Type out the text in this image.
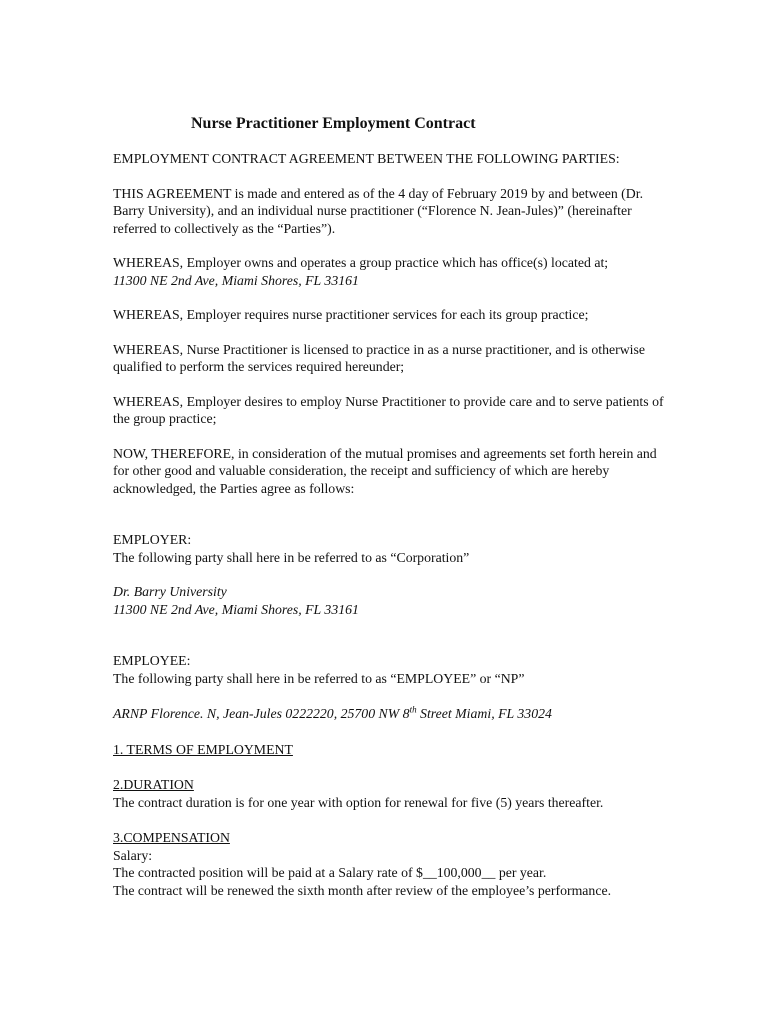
Nurse Practitioner Employment Contract

EMPLOYMENT CONTRACT AGREEMENT BETWEEN THE FOLLOWING PARTIES:

THIS AGREEMENT is made and entered as of the 4 day of February 2019 by and between (Dr. Barry University), and an individual nurse practitioner (“Florence N. Jean-Jules)” (hereinafter referred to collectively as the “Parties”).

WHEREAS, Employer owns and operates a group practice which has office(s) located at;

11300 NE 2nd Ave, Miami Shores, FL 33161

WHEREAS, Employer requires nurse practitioner services for each its group practice;

WHEREAS, Nurse Practitioner is licensed to practice in as a nurse practitioner, and is otherwise qualified to perform the services required hereunder;

WHEREAS, Employer desires to employ Nurse Practitioner to provide care and to serve patients of the group practice;

NOW, THEREFORE, in consideration of the mutual promises and agreements set forth herein and for other good and valuable consideration, the receipt and sufficiency of which are hereby acknowledged, the Parties agree as follows:

EMPLOYER:

The following party shall here in be referred to as “Corporation”

Dr. Barry University

11300 NE 2nd Ave, Miami Shores, FL 33161

EMPLOYEE:

The following party shall here in be referred to as “EMPLOYEE” or “NP”

ARNP Florence. N, Jean-Jules 0222220, 25700 NW 8th Street Miami, FL 33024

1. TERMS OF EMPLOYMENT

2.DURATION

The contract duration is for one year with option for renewal for five (5) years thereafter.

3.COMPENSATION

Salary:

The contracted position will be paid at a Salary rate of $__100,000__ per year.

The contract will be renewed the sixth month after review of the employee’s performance.
